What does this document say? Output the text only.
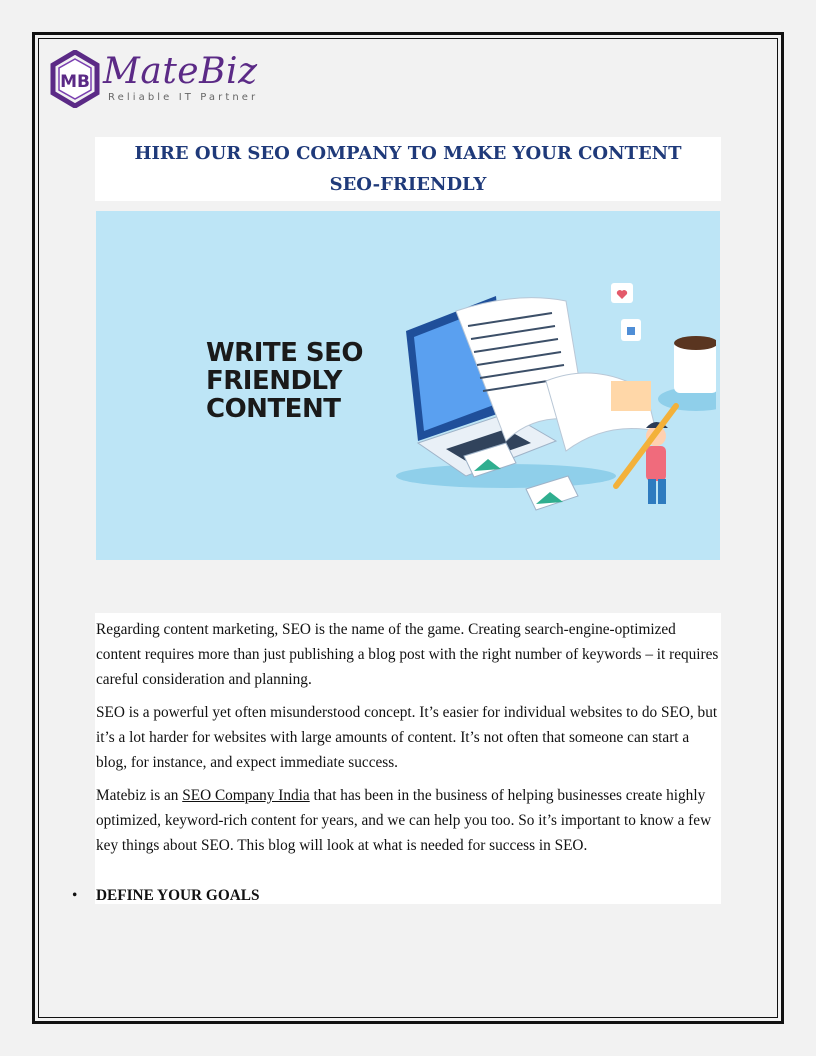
MB MateBiz
Reliable IT Partner
HIRE OUR SEO COMPANY TO MAKE YOUR CONTENT SEO-FRIENDLY
WRITE SEO
FRIENDLY
CONTENT

Regarding content marketing, SEO is the name of the game. Creating search-engine-optimized content requires more than just publishing a blog post with the right number of keywords – it requires careful consideration and planning.

SEO is a powerful yet often misunderstood concept. It’s easier for individual websites to do SEO, but it’s a lot harder for websites with large amounts of content. It’s not often that someone can start a blog, for instance, and expect immediate success.

Matebiz is an SEO Company India that has been in the business of helping businesses create highly optimized, keyword-rich content for years, and we can help you too. So it’s important to know a few key things about SEO. This blog will look at what is needed for success in SEO.

• DEFINE YOUR GOALS
